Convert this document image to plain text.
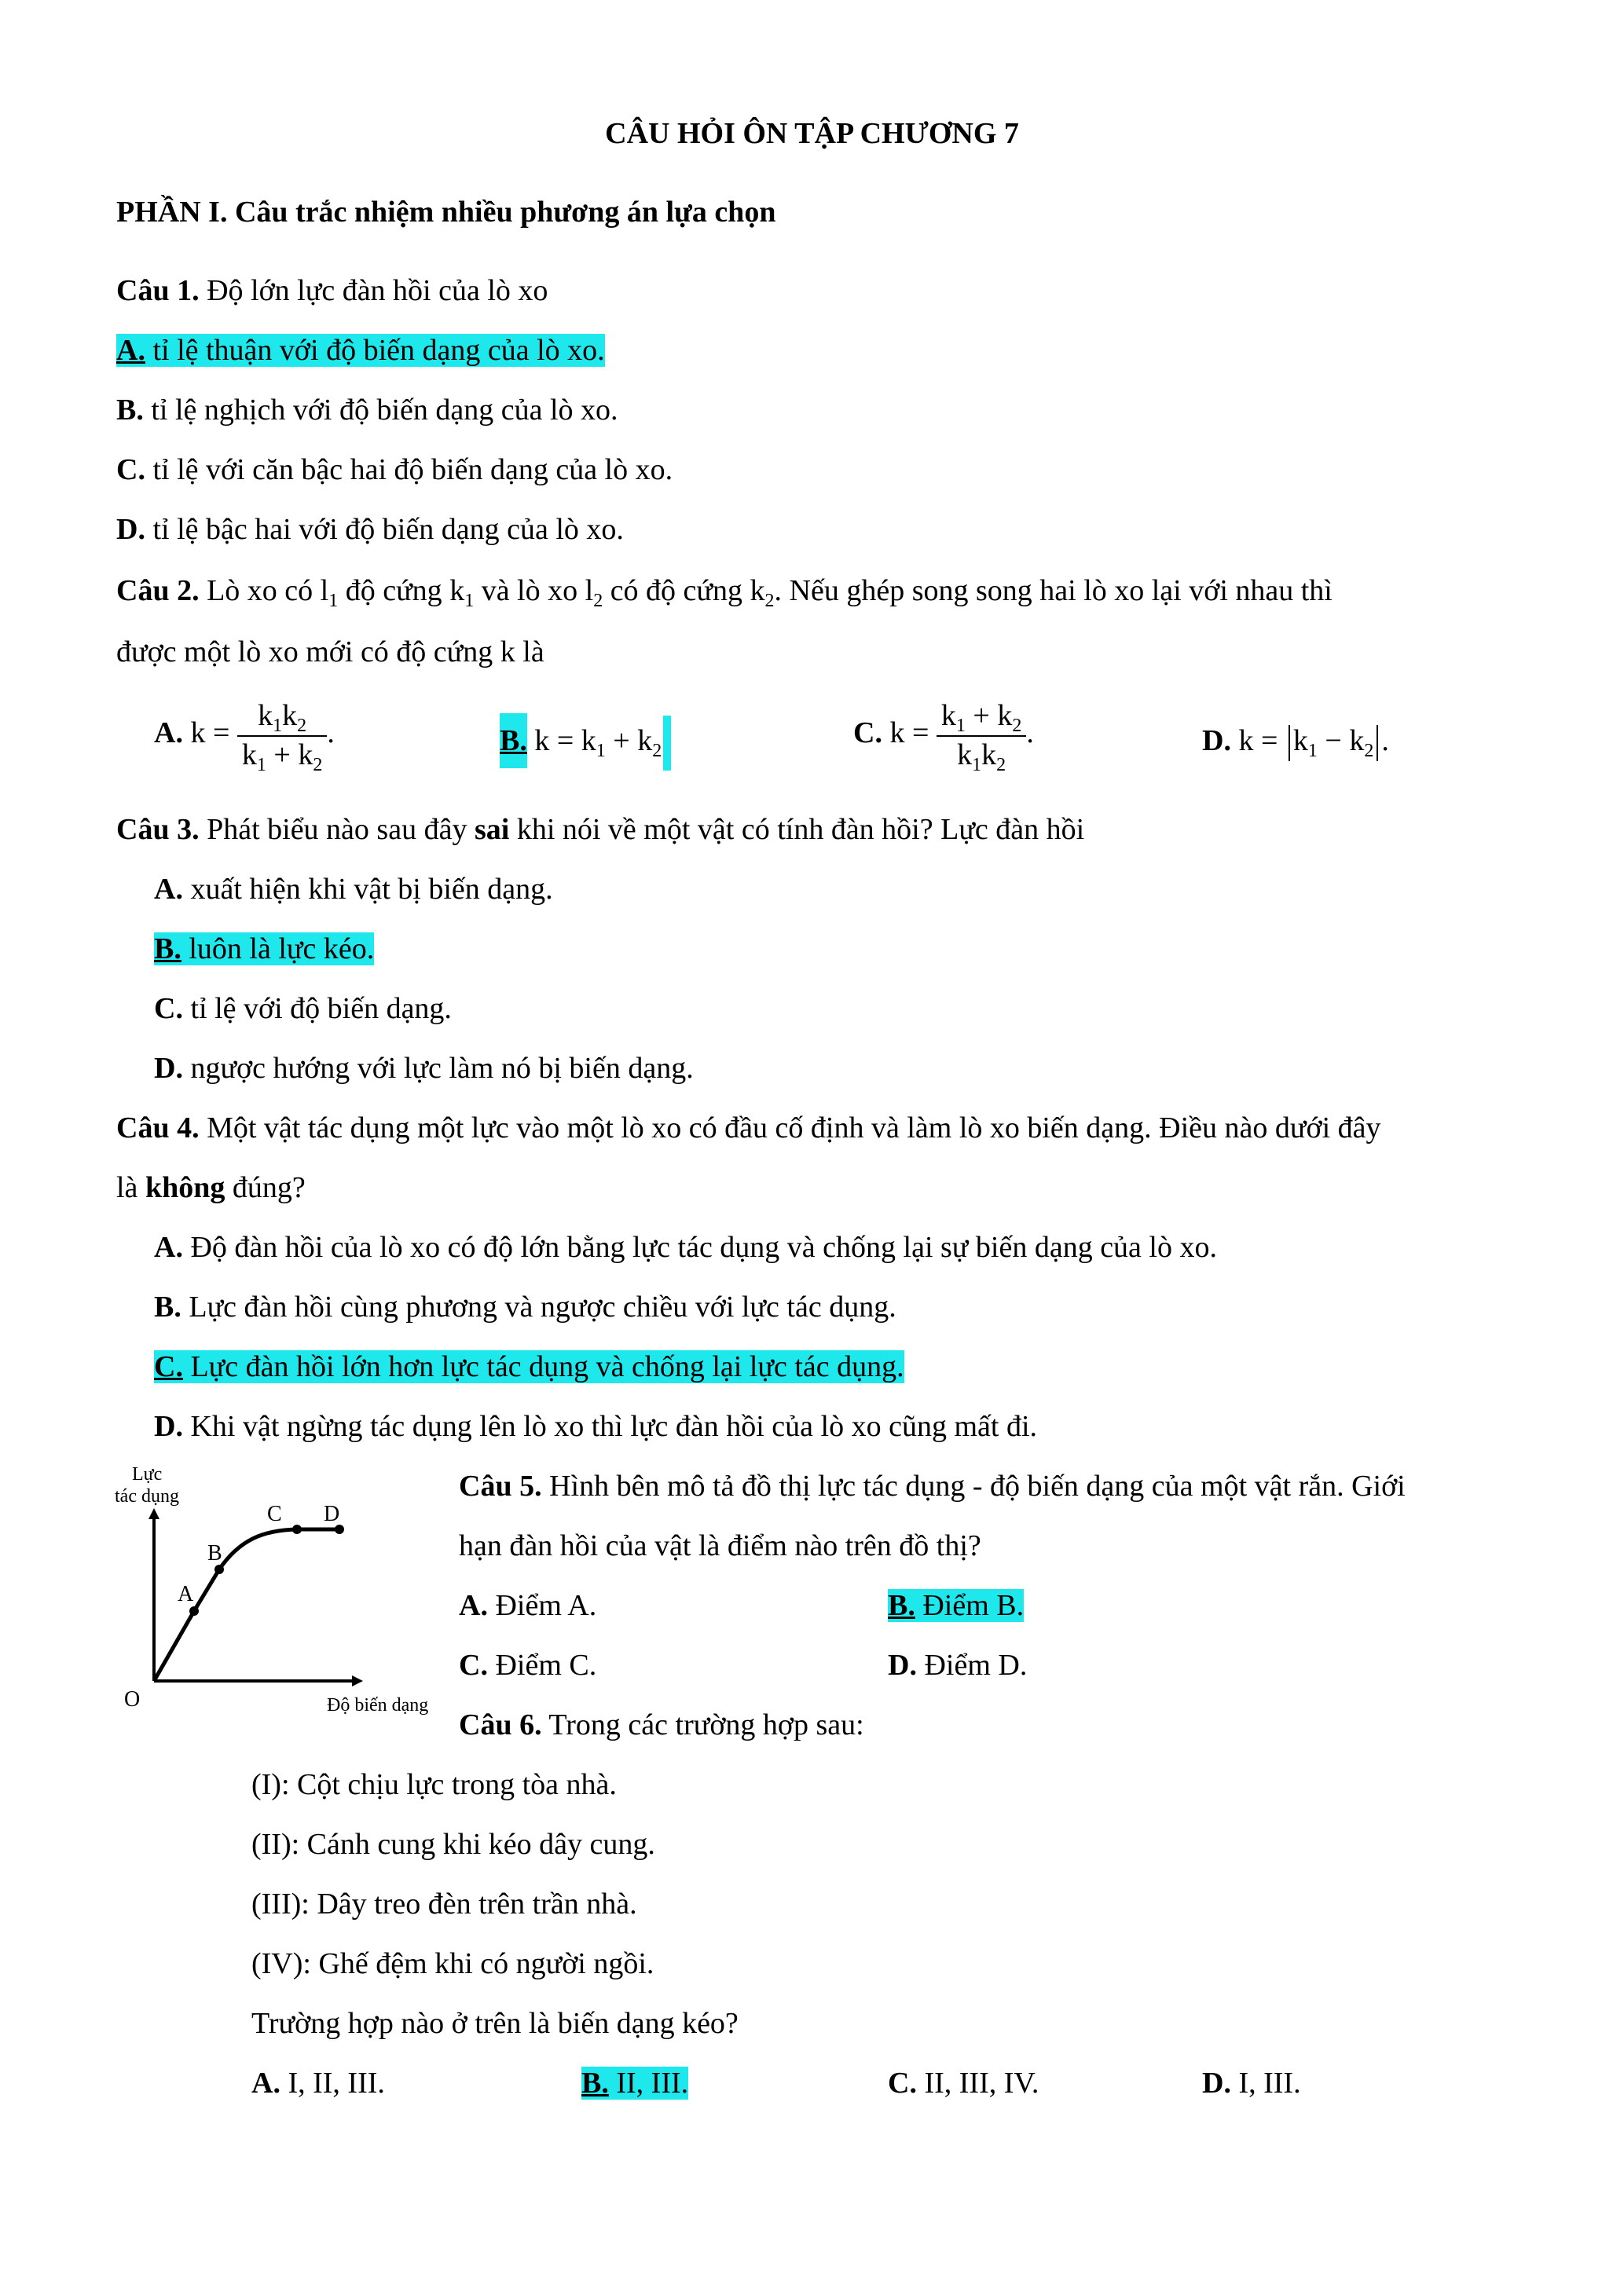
CÂU HỎI ÔN TẬP CHƯƠNG 7
PHẦN I. Câu trắc nhiệm nhiều phương án lựa chọn
Câu 1. Độ lớn lực đàn hồi của lò xo
A. tỉ lệ thuận với độ biến dạng của lò xo.
B. tỉ lệ nghịch với độ biến dạng của lò xo.
C. tỉ lệ với căn bậc hai độ biến dạng của lò xo.
D. tỉ lệ bậc hai với độ biến dạng của lò xo.
Câu 2. Lò xo có $l_1$ độ cứng $k_1$ và lò xo $l_2$ có độ cứng $k_2$. Nếu ghép song song hai lò xo lại với nhau thì
được một lò xo mới có độ cứng k là
A. $k = \frac{k_1k_2}{k_1 + k_2}$ .	B. $k = k_1 + k_2$
C. $k = \frac{k_1 + k_2}{k_1k_2}$ .	D. $k = k_1 - k_2$ .
Câu 3. Phát biểu nào sau đây sai khi nói về một vật có tính đàn hồi? Lực đàn hồi
A. xuất hiện khi vật bị biến dạng.
B. luôn là lực kéo.
C. tỉ lệ với độ biến dạng.
D. ngược hướng với lực làm nó bị biến dạng.
Câu 4. Một vật tác dụng một lực vào một lò xo có đầu cố định và làm lò xo biến dạng. Điều nào dưới đây
là không đúng?
A. Độ đàn hồi của lò xo có độ lớn bằng lực tác dụng và chống lại sự biến dạng của lò xo.
B. Lực đàn hồi cùng phương và ngược chiều với lực tác dụng.
C. Lực đàn hồi lớn hơn lực tác dụng và chống lại lực tác dụng.
D. Khi vật ngừng tác dụng lên lò xo thì lực đàn hồi của lò xo cũng mất đi.
Lực
tác dụng
A
B
C D
O	Độ biến dạng
Câu 5. Hình bên mô tả đồ thị lực tác dụng - độ biến dạng của một vật rắn. Giới
hạn đàn hồi của vật là điểm nào trên đồ thị?
A. Điểm A.	B. Điểm B.
C. Điểm C.	D. Điểm D.
Câu 6. Trong các trường hợp sau:
(I): Cột chịu lực trong tòa nhà.
(II): Cánh cung khi kéo dây cung.
(III): Dây treo đèn trên trần nhà.
(IV): Ghế đệm khi có người ngồi.
Trường hợp nào ở trên là biến dạng kéo?
A. I, II, III.	B. II, III.	C. II, III, IV.	D. I, III.
